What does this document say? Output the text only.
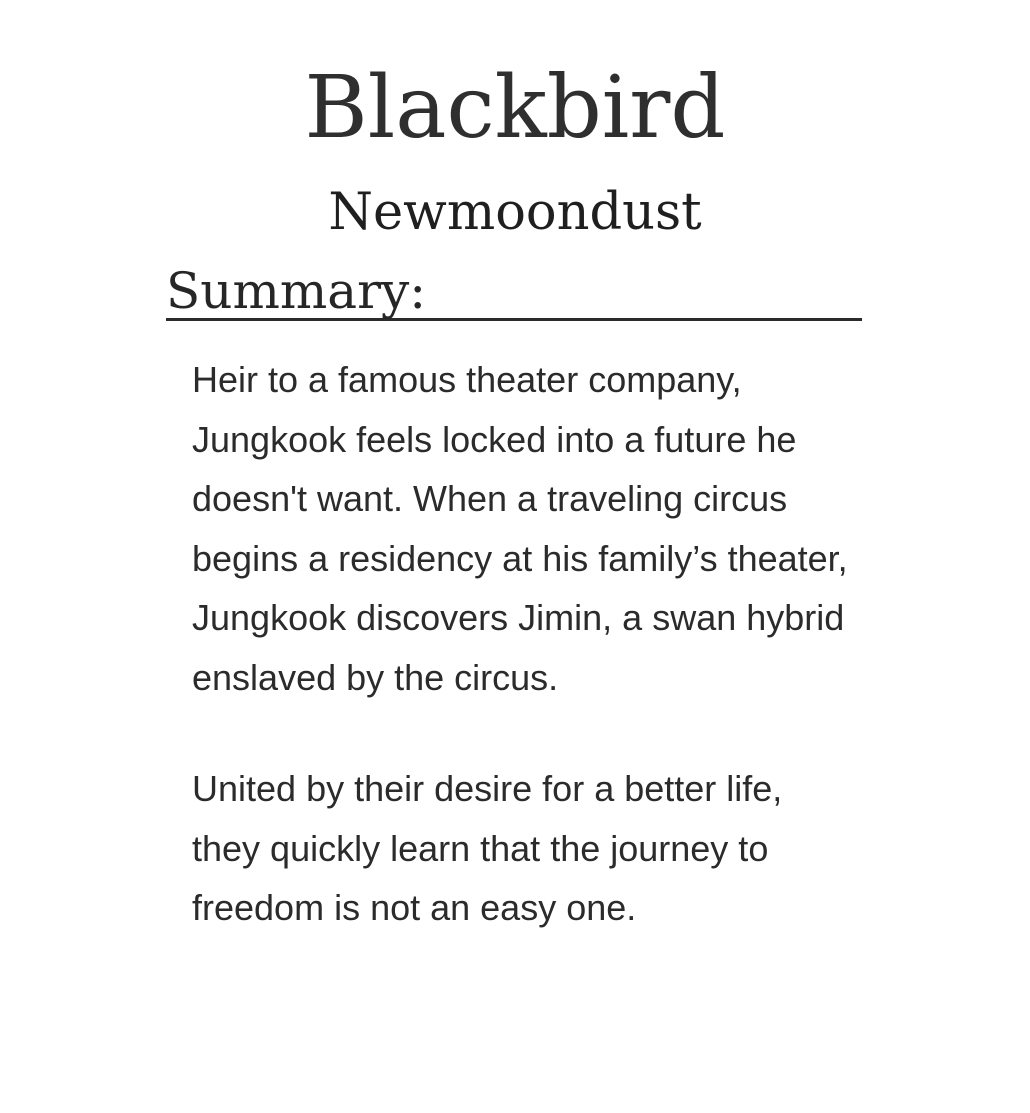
Blackbird
Newmoondust
Summary:

Heir to a famous theater company, Jungkook feels locked into a future he doesn't want. When a traveling circus begins a residency at his family’s theater, Jungkook discovers Jimin, a swan hybrid enslaved by the circus.

United by their desire for a better life, they quickly learn that the journey to freedom is not an easy one.
